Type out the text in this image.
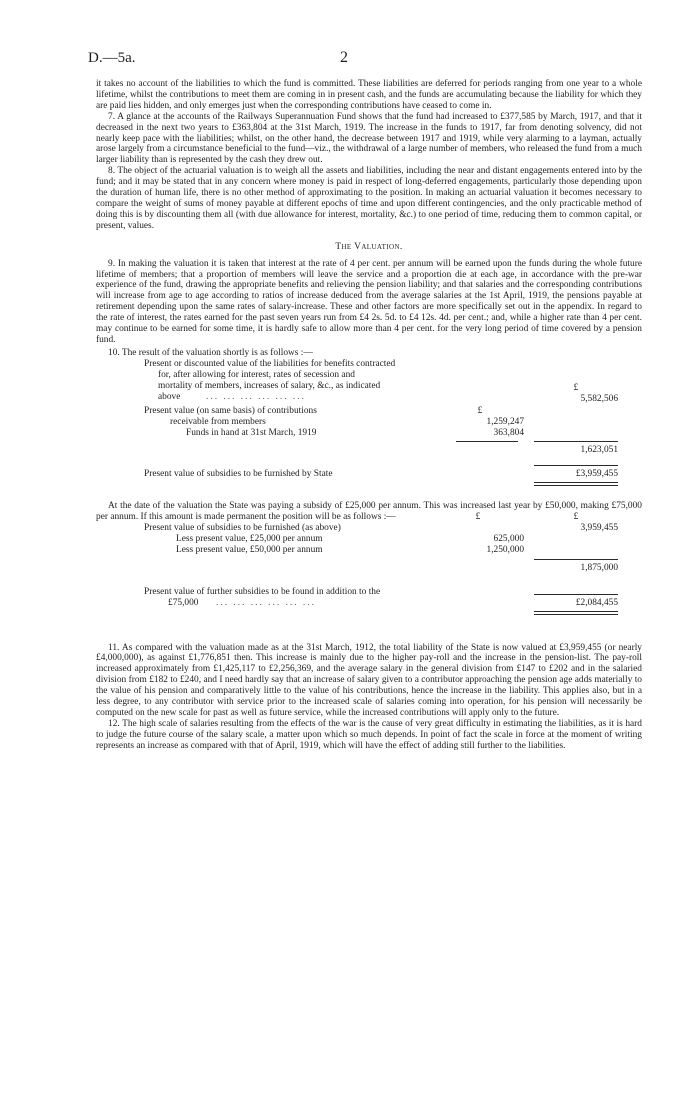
D.—5a.	2

it takes no account of the liabilities to which the fund is committed. These liabilities are deferred for periods ranging from one year to a whole lifetime, whilst the contributions to meet them are coming in in present cash, and the funds are accumulating because the liability for which they are paid lies hidden, and only emerges just when the corresponding contributions have ceased to come in.

7. A glance at the accounts of the Railways Superannuation Fund shows that the fund had increased to £377,585 by March, 1917, and that it decreased in the next two years to £363,804 at the 31st March, 1919. The increase in the funds to 1917, far from denoting solvency, did not nearly keep pace with the liabilities; whilst, on the other hand, the decrease between 1917 and 1919, while very alarming to a layman, actually arose largely from a circumstance beneficial to the fund—viz., the withdrawal of a large number of members, who released the fund from a much larger liability than is represented by the cash they drew out.

8. The object of the actuarial valuation is to weigh all the assets and liabilities, including the near and distant engagements entered into by the fund; and it may be stated that in any concern where money is paid in respect of long-deferred engagements, particularly those depending upon the duration of human life, there is no other method of approximating to the position. In making an actuarial valuation it becomes necessary to compare the weight of sums of money payable at different epochs of time and upon different contingencies, and the only practicable method of doing this is by discounting them all (with due allowance for interest, mortality, &c.) to one period of time, reducing them to common capital, or present, values.

The Valuation.

9. In making the valuation it is taken that interest at the rate of 4 per cent. per annum will be earned upon the funds during the whole future lifetime of members; that a proportion of members will leave the service and a proportion die at each age, in accordance with the pre-war experience of the fund, drawing the appropriate benefits and relieving the pension liability; and that salaries and the corresponding contributions will increase from age to age according to ratios of increase deduced from the average salaries at the 1st April, 1919, the pensions payable at retirement depending upon the same rates of salary-increase. These and other factors are more specifically set out in the appendix. In regard to the rate of interest, the rates earned for the past seven years run from £4 2s. 5d. to £4 12s. 4d. per cent.; and, while a higher rate than 4 per cent. may continue to be earned for some time, it is hardly safe to allow more than 4 per cent. for the very long period of time covered by a pension fund.

10. The result of the valuation shortly is as follows :—

Present or discounted value of the liabilities for benefits contracted
for, after allowing for interest, rates of secession and
mortality of members, increases of salary, &c., as indicated
above	... ... ... ... ... ...
£
5,582,506
Present value (on same basis) of contributions	£
receivable from members	1,259,247
Funds in hand at 31st March, 1919	363,804
1,623,051
Present value of subsidies to be furnished by State	£3,959,455

At the date of the valuation the State was paying a subsidy of £25,000 per annum. This was increased last year by £50,000, making £75,000 per annum. If this amount is made permanent the position will be as follows :—	£	£
Present value of subsidies to be furnished (as above)	3,959,455
Less present value, £25,000 per annum	625,000
Less present value, £50,000 per annum	1,250,000
1,875,000
Present value of further subsidies to be found in addition to the
£75,000 ... ... ... ... ... ...	£2,084,455

11. As compared with the valuation made as at the 31st March, 1912, the total liability of the State is now valued at £3,959,455 (or nearly £4,000,000), as against £1,776,851 then. This increase is mainly due to the higher pay-roll and the increase in the pension-list. The pay-roll increased approximately from £1,425,117 to £2,256,369, and the average salary in the general division from £147 to £202 and in the salaried division from £182 to £240, and I need hardly say that an increase of salary given to a contributor approaching the pension age adds materially to the value of his pension and comparatively little to the value of his contributions, hence the increase in the liability. This applies also, but in a less degree, to any contributor with service prior to the increased scale of salaries coming into operation, for his pension will necessarily be computed on the new scale for past as well as future service, while the increased contributions will apply only to the future.

12. The high scale of salaries resulting from the effects of the war is the cause of very great difficulty in estimating the liabilities, as it is hard to judge the future course of the salary scale, a matter upon which so much depends. In point of fact the scale in force at the moment of writing represents an increase as compared with that of April, 1919, which will have the effect of adding still further to the liabilities.
